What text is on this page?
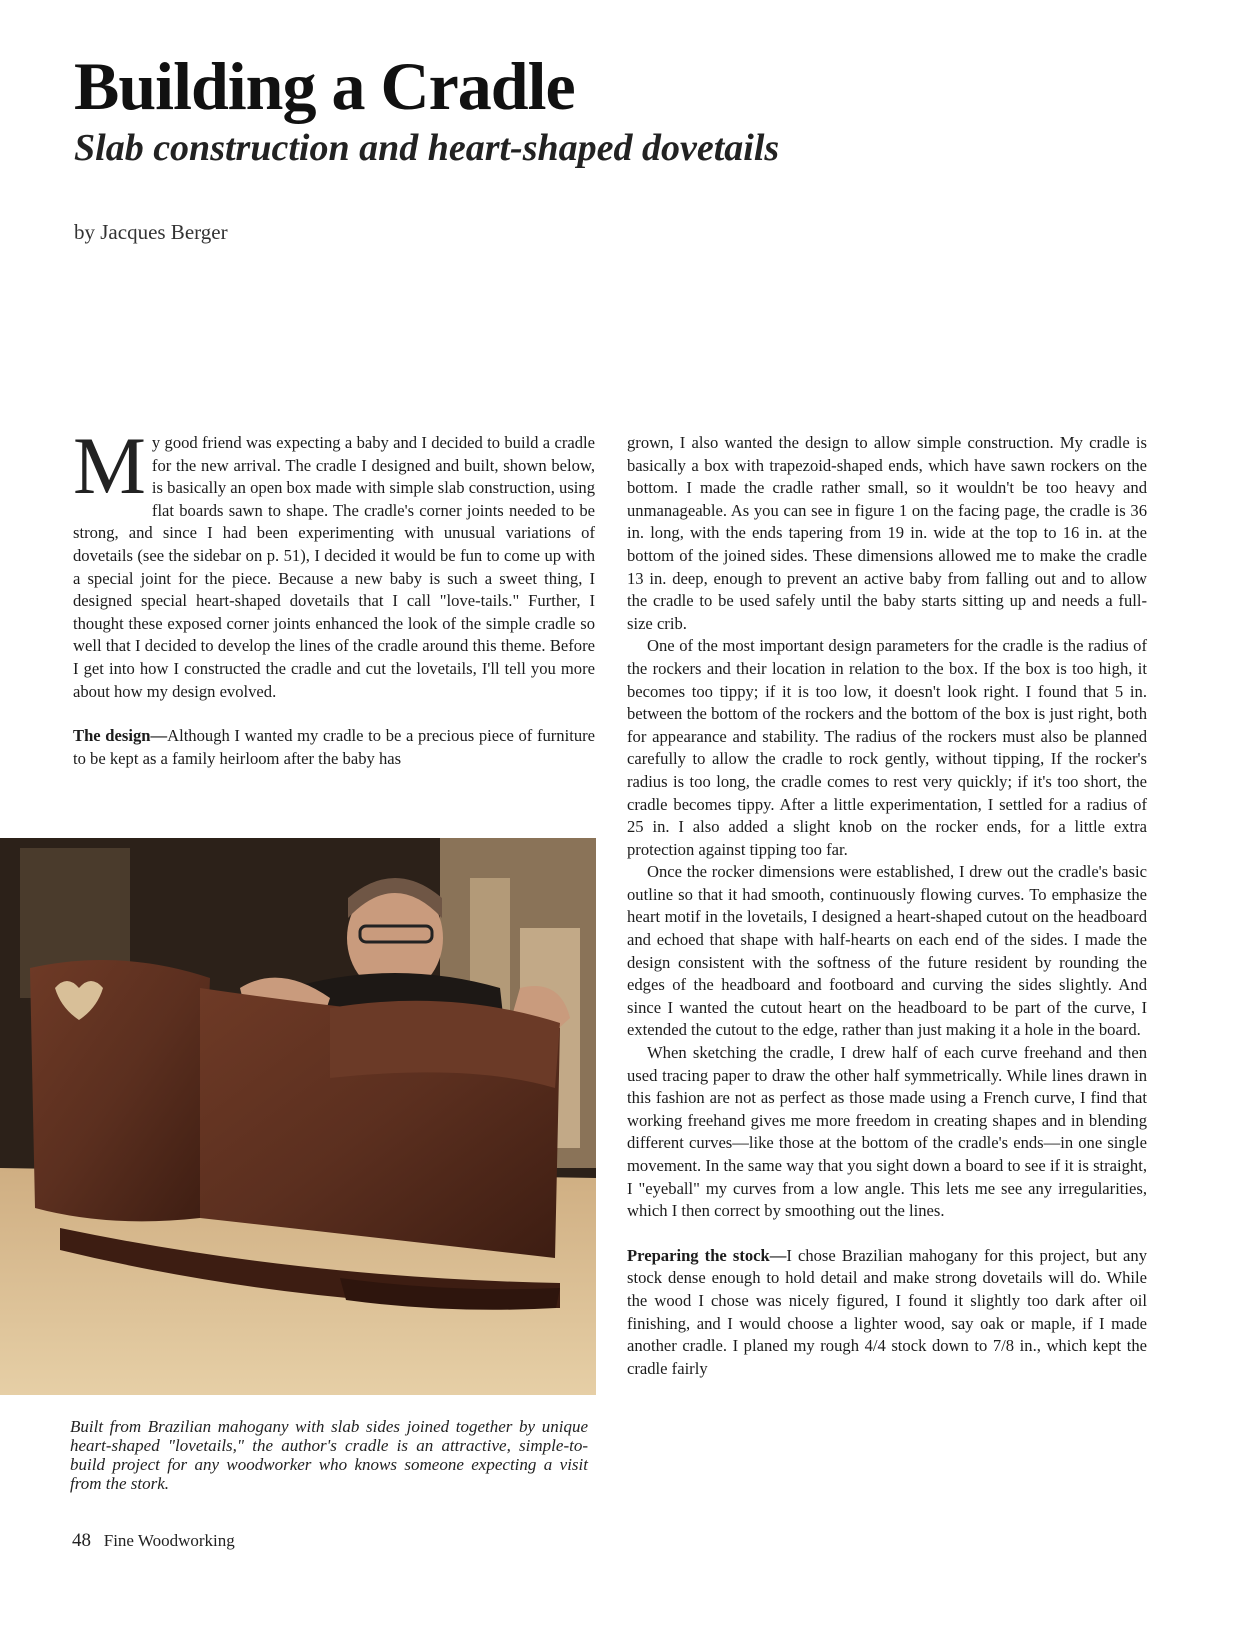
Building a Cradle
Slab construction and heart-shaped dovetails
by Jacques Berger

My good friend was expecting a baby and I decided to build a cradle for the new arrival. The cradle I designed and built, shown below, is basically an open box made with simple slab construction, using flat boards sawn to shape. The cradle's corner joints needed to be strong, and since I had been experimenting with unusual variations of dovetails (see the sidebar on p. 51), I decided it would be fun to come up with a special joint for the piece. Because a new baby is such a sweet thing, I designed special heart-shaped dovetails that I call "love-tails." Further, I thought these exposed corner joints enhanced the look of the simple cradle so well that I decided to develop the lines of the cradle around this theme. Before I get into how I constructed the cradle and cut the lovetails, I'll tell you more about how my design evolved.

The design—Although I wanted my cradle to be a precious piece of furniture to be kept as a family heirloom after the baby has

Built from Brazilian mahogany with slab sides joined together by unique heart-shaped "lovetails," the author's cradle is an attractive, simple-to-build project for any woodworker who knows someone expecting a visit from the stork.

grown, I also wanted the design to allow simple construction. My cradle is basically a box with trapezoid-shaped ends, which have sawn rockers on the bottom. I made the cradle rather small, so it wouldn't be too heavy and unmanageable. As you can see in figure 1 on the facing page, the cradle is 36 in. long, with the ends tapering from 19 in. wide at the top to 16 in. at the bottom of the joined sides. These dimensions allowed me to make the cradle 13 in. deep, enough to prevent an active baby from falling out and to allow the cradle to be used safely until the baby starts sitting up and needs a full-size crib.

One of the most important design parameters for the cradle is the radius of the rockers and their location in relation to the box. If the box is too high, it becomes too tippy; if it is too low, it doesn't look right. I found that 5 in. between the bottom of the rockers and the bottom of the box is just right, both for appearance and stability. The radius of the rockers must also be planned carefully to allow the cradle to rock gently, without tipping, If the rocker's radius is too long, the cradle comes to rest very quickly; if it's too short, the cradle becomes tippy. After a little experimentation, I settled for a radius of 25 in. I also added a slight knob on the rocker ends, for a little extra protection against tipping too far.

Once the rocker dimensions were established, I drew out the cradle's basic outline so that it had smooth, continuously flowing curves. To emphasize the heart motif in the lovetails, I designed a heart-shaped cutout on the headboard and echoed that shape with half-hearts on each end of the sides. I made the design consistent with the softness of the future resident by rounding the edges of the headboard and footboard and curving the sides slightly. And since I wanted the cutout heart on the headboard to be part of the curve, I extended the cutout to the edge, rather than just making it a hole in the board.

When sketching the cradle, I drew half of each curve freehand and then used tracing paper to draw the other half symmetrically. While lines drawn in this fashion are not as perfect as those made using a French curve, I find that working freehand gives me more freedom in creating shapes and in blending different curves—like those at the bottom of the cradle's ends—in one single movement. In the same way that you sight down a board to see if it is straight, I "eyeball" my curves from a low angle. This lets me see any irregularities, which I then correct by smoothing out the lines.

Preparing the stock—I chose Brazilian mahogany for this project, but any stock dense enough to hold detail and make strong dovetails will do. While the wood I chose was nicely figured, I found it slightly too dark after oil finishing, and I would choose a lighter wood, say oak or maple, if I made another cradle. I planed my rough 4/4 stock down to 7/8 in., which kept the cradle fairly

48 Fine Woodworking
